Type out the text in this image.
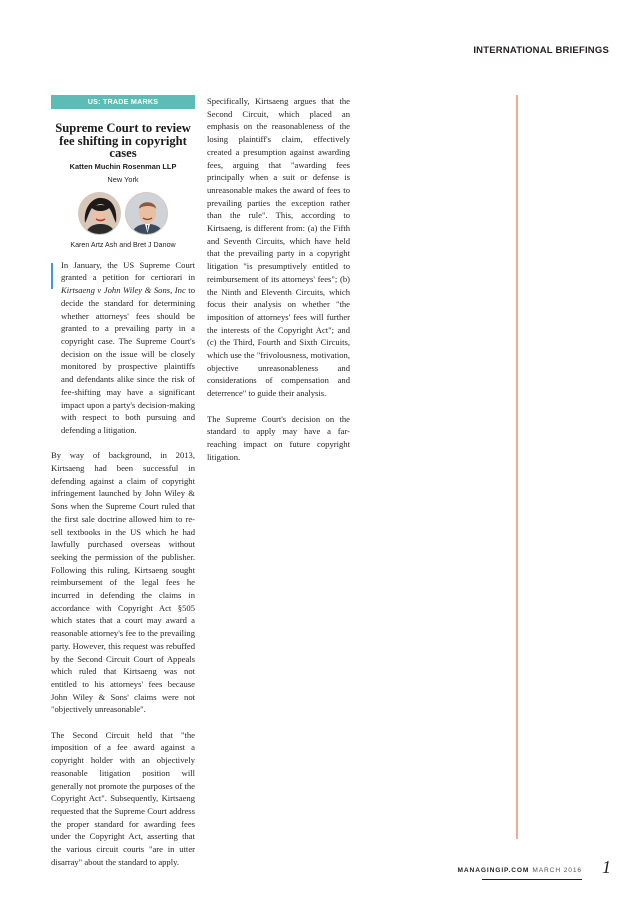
INTERNATIONAL BRIEFINGS
US: TRADE MARKS
Supreme Court to review fee shifting in copyright cases
Katten Muchin Rosenman LLP
New York
Karen Artz Ash and Bret J Danow

In January, the US Supreme Court granted a petition for certiorari in Kirtsaeng v John Wiley & Sons, Inc to decide the standard for determining whether attorneys' fees should be granted to a prevailing party in a copyright case. The Supreme Court's decision on the issue will be closely monitored by prospective plaintiffs and defendants alike since the risk of fee-shifting may have a significant impact upon a party's decision-making with respect to both pursuing and defending a litigation.

By way of background, in 2013, Kirtsaeng had been successful in defending against a claim of copyright infringement launched by John Wiley & Sons when the Supreme Court ruled that the first sale doctrine allowed him to re-sell textbooks in the US which he had lawfully purchased overseas without seeking the permission of the publisher. Following this ruling, Kirtsaeng sought reimbursement of the legal fees he incurred in defending the claims in accordance with Copyright Act §505 which states that a court may award a reasonable attorney's fee to the prevailing party. However, this request was rebuffed by the Second Circuit Court of Appeals which ruled that Kirtsaeng was not entitled to his attorneys' fees because John Wiley & Sons' claims were not "objectively unreasonable".

The Second Circuit held that "the imposition of a fee award against a copyright holder with an objectively reasonable litigation position will generally not promote the purposes of the Copyright Act". Subsequently, Kirtsaeng requested that the Supreme Court address the proper standard for awarding fees under the Copyright Act, asserting that the various circuit courts "are in utter disarray" about the standard to apply.

Specifically, Kirtsaeng argues that the Second Circuit, which placed an emphasis on the reasonableness of the losing plaintiff's claim, effectively created a presumption against awarding fees, arguing that "awarding fees principally when a suit or defense is unreasonable makes the award of fees to prevailing parties the exception rather than the rule". This, according to Kirtsaeng, is different from: (a) the Fifth and Seventh Circuits, which have held that the prevailing party in a copyright litigation "is presumptively entitled to reimbursement of its attorneys' fees"; (b) the Ninth and Eleventh Circuits, which focus their analysis on whether "the imposition of attorneys' fees will further the interests of the Copyright Act"; and (c) the Third, Fourth and Sixth Circuits, which use the "frivolousness, motivation, objective unreasonableness and considerations of compensation and deterrence" to guide their analysis.

The Supreme Court's decision on the standard to apply may have a far-reaching impact on future copyright litigation.

MANAGINGIP.COM MARCH 2016 1
